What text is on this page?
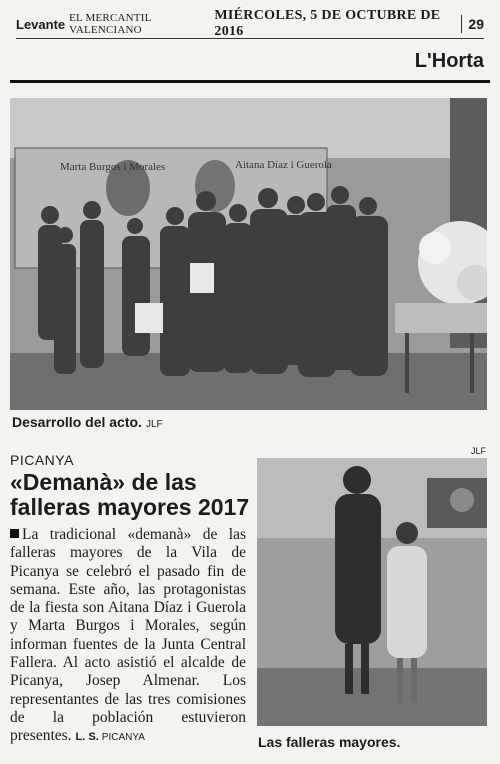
Levante EL MERCANTIL VALENCIANO
MIÉRCOLES, 5 DE OCTUBRE DE 2016	29
L'Horta
Marta Burgos i Morales	Aitana Díaz i Guerola
Desarrollo del acto. JLF
PICANYA
«Demanà» de las falleras mayores 2017

La tradicional «demanà» de las falleras mayores de la Vila de Picanya se celebró el pasado fin de semana. Este año, las protagonistas de la fiesta son Aitana Díaz i Guerola y Marta Burgos i Morales, según informan fuentes de la Junta Central Fallera. Al acto asistió el alcalde de Picanya, Josep Almenar. Los representantes de las tres comisiones de la población estuvieron presentes. L. S. PICANYA

JLF
Las falleras mayores.
